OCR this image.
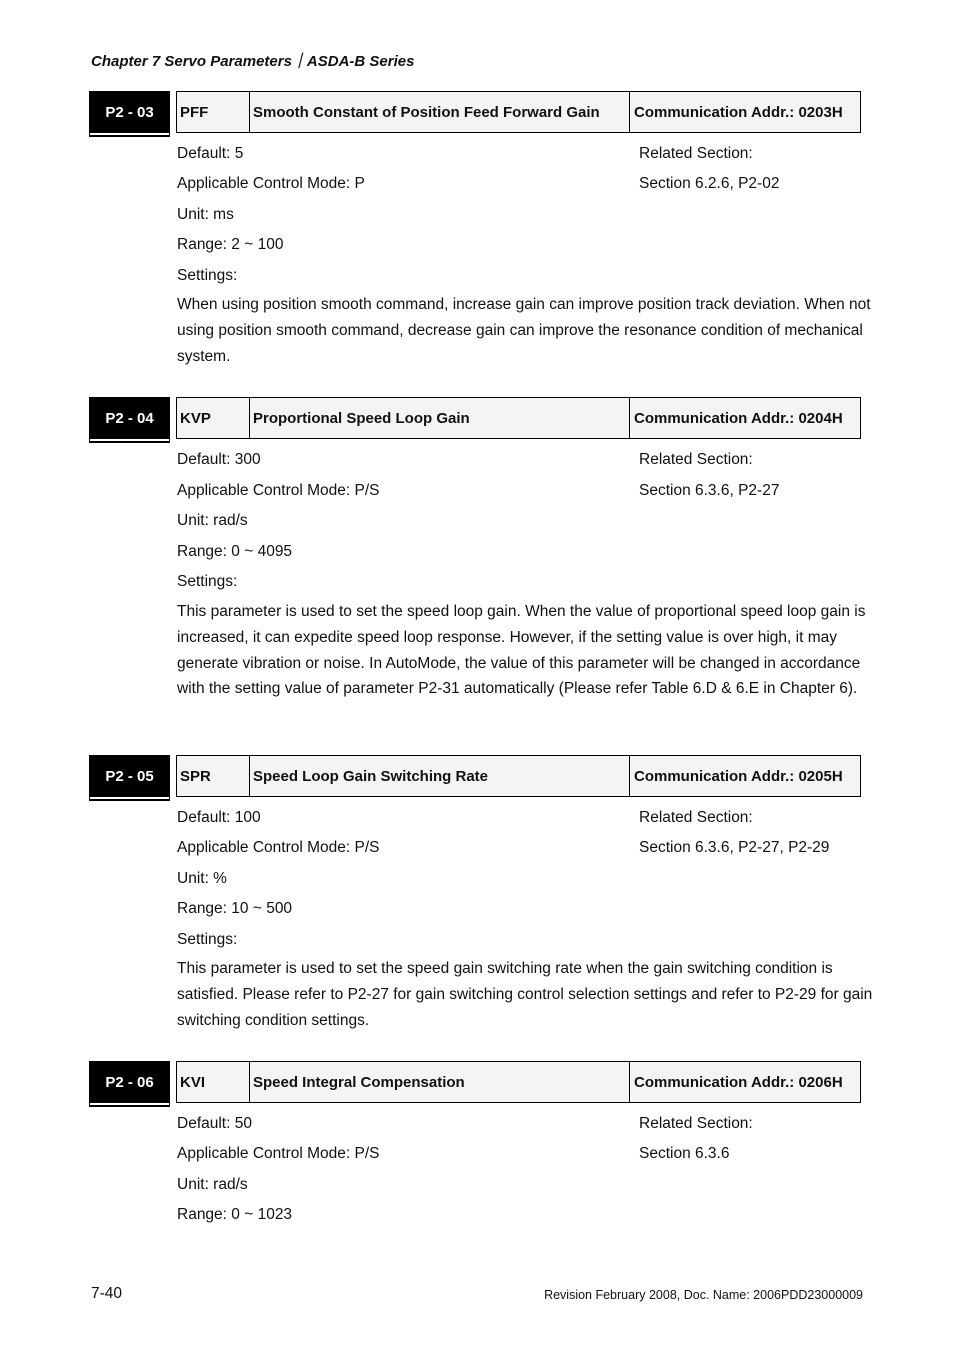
Chapter 7 Servo Parameters｜ASDA-B Series
P2 - 03	PFF	Smooth Constant of Position Feed Forward Gain	Communication Addr.: 0203H
Default: 5
Applicable Control Mode: P
Unit: ms
Range: 2 ~ 100
Settings:
Related Section:
Section 6.2.6, P2-02
When using position smooth command, increase gain can improve position track deviation. When not using position smooth command, decrease gain can improve the resonance condition of mechanical system.
P2 - 04	KVP	Proportional Speed Loop Gain	Communication Addr.: 0204H
Default: 300
Applicable Control Mode: P/S
Unit: rad/s
Range: 0 ~ 4095
Settings:
Related Section:
Section 6.3.6, P2-27
This parameter is used to set the speed loop gain. When the value of proportional speed loop gain is increased, it can expedite speed loop response. However, if the setting value is over high, it may generate vibration or noise. In AutoMode, the value of this parameter will be changed in accordance with the setting value of parameter P2-31 automatically (Please refer Table 6.D & 6.E in Chapter 6).
P2 - 05	SPR	Speed Loop Gain Switching Rate	Communication Addr.: 0205H
Default: 100
Applicable Control Mode: P/S
Unit: %
Range: 10 ~ 500
Settings:
Related Section:
Section 6.3.6, P2-27, P2-29
This parameter is used to set the speed gain switching rate when the gain switching condition is satisfied. Please refer to P2-27 for gain switching control selection settings and refer to P2-29 for gain switching condition settings.
P2 - 06	KVI	Speed Integral Compensation	Communication Addr.: 0206H
Default: 50
Applicable Control Mode: P/S
Unit: rad/s
Range: 0 ~ 1023
Related Section:
Section 6.3.6
7-40	Revision February 2008, Doc. Name: 2006PDD23000009
